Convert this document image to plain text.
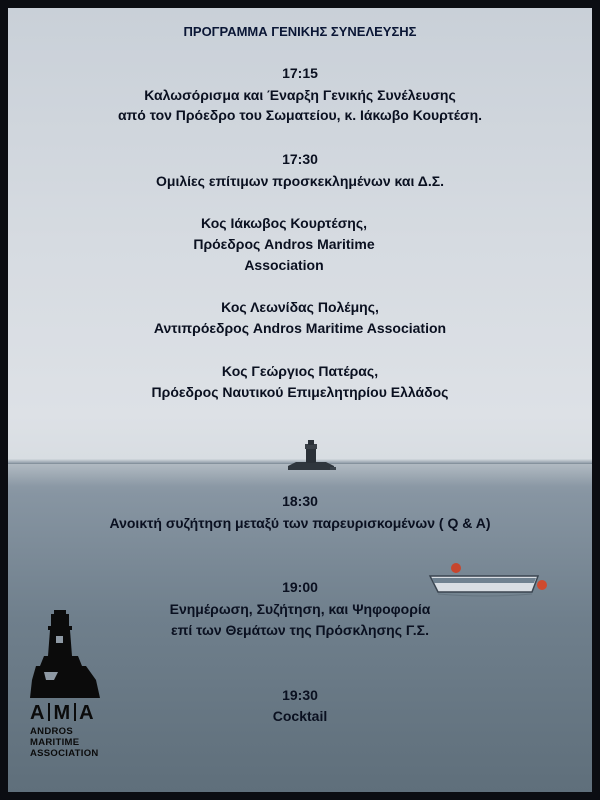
ΠΡΟΓΡΑΜΜΑ ΓΕΝΙΚΗΣ ΣΥΝΕΛΕΥΣΗΣ
17:15
Καλωσόρισμα και Έναρξη Γενικής Συνέλευσης
από τον Πρόεδρο του Σωματείου, κ. Ιάκωβο Κουρτέση.
17:30
Ομιλίες επίτιμων προσκεκλημένων και Δ.Σ.
Κος Ιάκωβος Κουρτέσης,
Πρόεδρος Andros Maritime
Association
Κος Λεωνίδας Πολέμης,
Αντιπρόεδρος Andros Maritime Association
Κος Γεώργιος Πατέρας,
Πρόεδρος Ναυτικού Επιμελητηρίου Ελλάδος
18:30
Ανοικτή συζήτηση μεταξύ των παρευρισκομένων ( Q & A)
19:00
Ενημέρωση, Συζήτηση, και Ψηφοφορία
επί των Θεμάτων της Πρόσκλησης Γ.Σ.
19:30
Cocktail
A M A
ANDROS
MARITIME
ASSOCIATION
